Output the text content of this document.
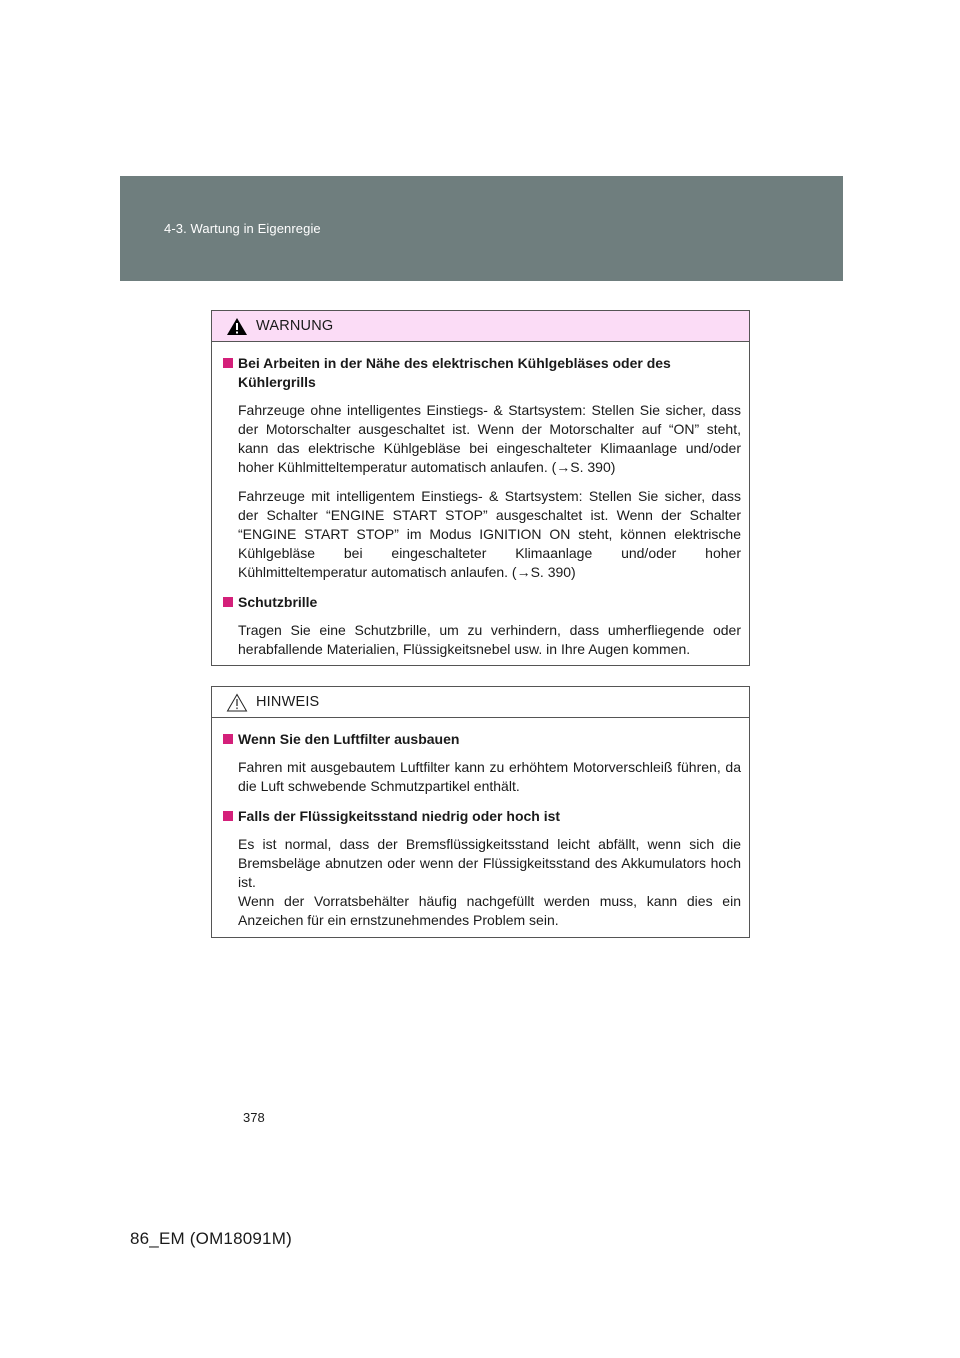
4-3. Wartung in Eigenregie
WARNUNG
Bei Arbeiten in der Nähe des elektrischen Kühlgebläses oder des Kühlergrills
Fahrzeuge ohne intelligentes Einstiegs- & Startsystem: Stellen Sie sicher, dass der Motorschalter ausgeschaltet ist. Wenn der Motorschalter auf “ON” steht, kann das elektrische Kühlgebläse bei eingeschalteter Klimaanlage und/oder hoher Kühlmitteltemperatur automatisch anlaufen. (→S. 390)
Fahrzeuge mit intelligentem Einstiegs- & Startsystem: Stellen Sie sicher, dass der Schalter “ENGINE START STOP” ausgeschaltet ist. Wenn der Schalter “ENGINE START STOP” im Modus IGNITION ON steht, können elektrische Kühlgebläse bei eingeschalteter Klimaanlage und/oder hoher Kühlmitteltemperatur automatisch anlaufen. (→S. 390)
Schutzbrille
Tragen Sie eine Schutzbrille, um zu verhindern, dass umherfliegende oder herabfallende Materialien, Flüssigkeitsnebel usw. in Ihre Augen kommen.
HINWEIS
Wenn Sie den Luftfilter ausbauen
Fahren mit ausgebautem Luftfilter kann zu erhöhtem Motorverschleiß führen, da die Luft schwebende Schmutzpartikel enthält.
Falls der Flüssigkeitsstand niedrig oder hoch ist
Es ist normal, dass der Bremsflüssigkeitsstand leicht abfällt, wenn sich die Bremsbeläge abnutzen oder wenn der Flüssigkeitsstand des Akkumulators hoch ist.
Wenn der Vorratsbehälter häufig nachgefüllt werden muss, kann dies ein Anzeichen für ein ernstzunehmendes Problem sein.
378
86_EM (OM18091M)
